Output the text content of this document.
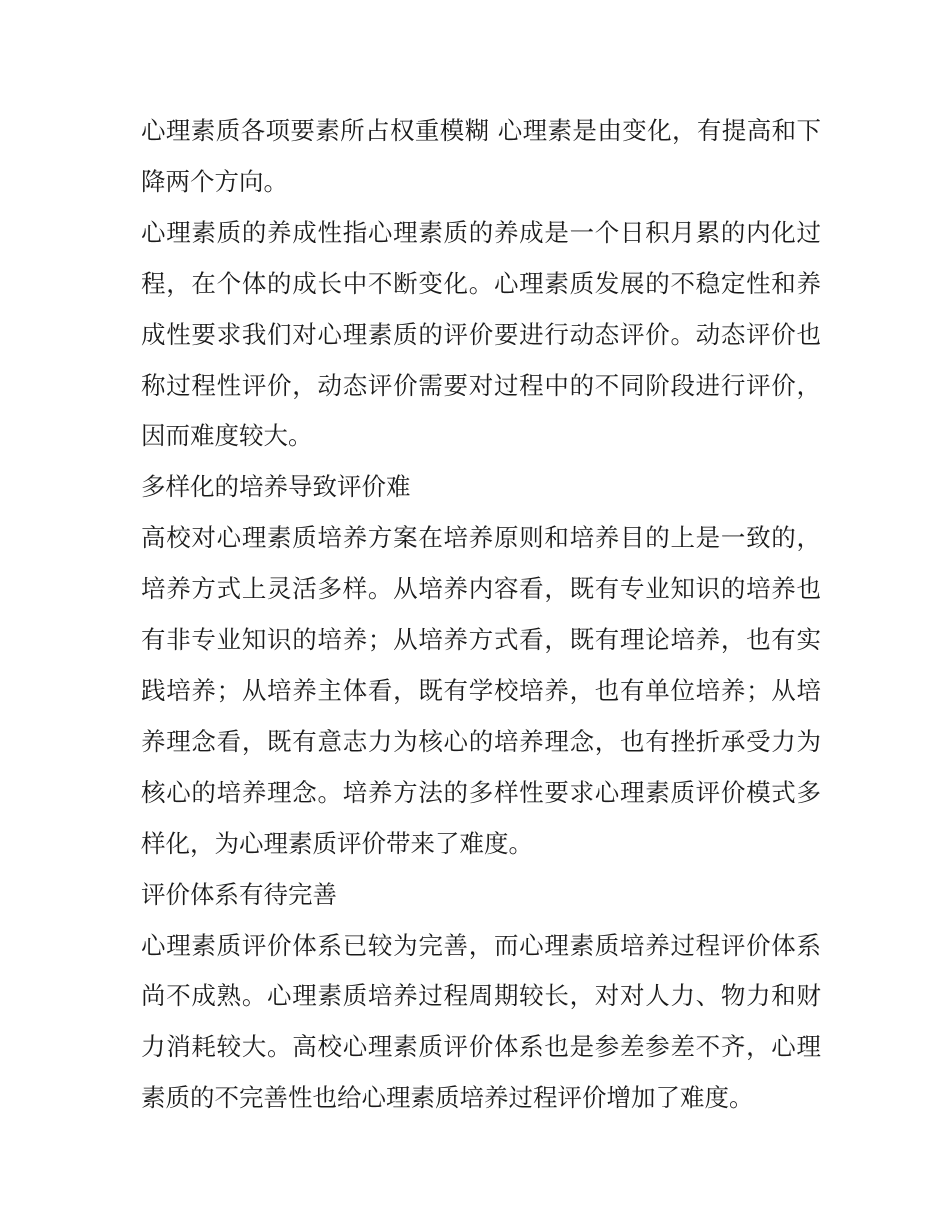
心理素质各项要素所占权重模糊 心理素是由变化，有提高和下降两个方向。

心理素质的养成性指心理素质的养成是一个日积月累的内化过程，在个体的成长中不断变化。心理素质发展的不稳定性和养成性要求我们对心理素质的评价要进行动态评价。动态评价也称过程性评价，动态评价需要对过程中的不同阶段进行评价，因而难度较大。

多样化的培养导致评价难

高校对心理素质培养方案在培养原则和培养目的上是一致的，培养方式上灵活多样。从培养内容看，既有专业知识的培养也有非专业知识的培养；从培养方式看，既有理论培养，也有实践培养；从培养主体看，既有学校培养，也有单位培养；从培养理念看，既有意志力为核心的培养理念，也有挫折承受力为核心的培养理念。培养方法的多样性要求心理素质评价模式多样化，为心理素质评价带来了难度。

评价体系有待完善

心理素质评价体系已较为完善，而心理素质培养过程评价体系尚不成熟。心理素质培养过程周期较长，对对人力、物力和财力消耗较大。高校心理素质评价体系也是参差参差不齐，心理素质的不完善性也给心理素质培养过程评价增加了难度。
